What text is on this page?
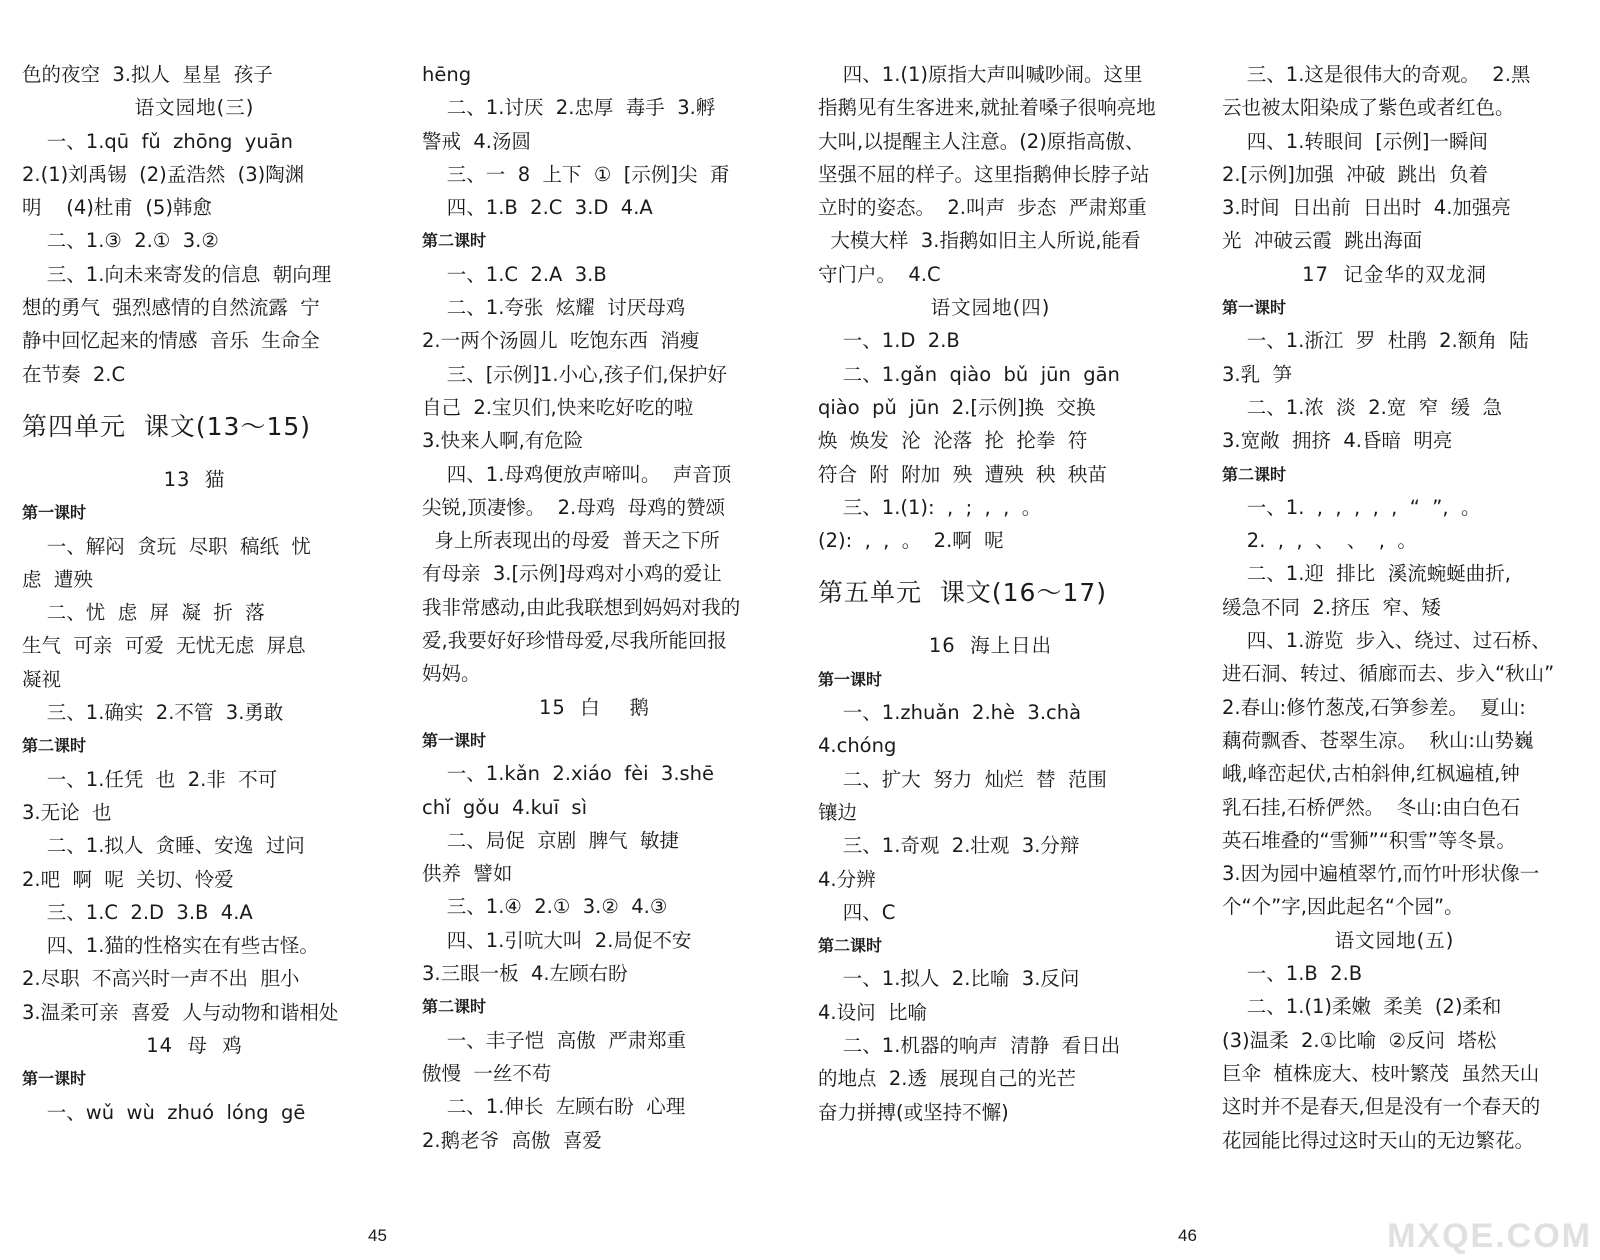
色的夜空  3.拟人  星星  孩子
语文园地(三)
一、1.qū  fǔ  zhōng  yuān
2.(1)刘禹锡  (2)孟浩然  (3)陶渊
明    (4)杜甫  (5)韩愈
二、1.③  2.①  3.②
三、1.向未来寄发的信息  朝向理
想的勇气  强烈感情的自然流露  宁
静中回忆起来的情感  音乐  生命全
在节奏  2.C
第四单元  课文(13～15)
13  猫
第一课时
一、解闷  贪玩  尽职  稿纸  忧
虑  遭殃
二、忧  虑  屏  凝  折  落
生气  可亲  可爱  无忧无虑  屏息
凝视
三、1.确实  2.不管  3.勇敢
第二课时
一、1.任凭  也  2.非  不可
3.无论  也
二、1.拟人  贪睡、安逸  过问
2.吧  啊  呢  关切、怜爱
三、1.C  2.D  3.B  4.A
四、1.猫的性格实在有些古怪。
2.尽职  不高兴时一声不出  胆小
3.温柔可亲  喜爱  人与动物和谐相处
14  母  鸡
第一课时
一、wǔ  wù  zhuó  lóng  gē
hēng
二、1.讨厌  2.忠厚  毒手  3.孵
警戒  4.汤圆
三、一  8  上下  ①  [示例]尖  甭
四、1.B  2.C  3.D  4.A
第二课时
一、1.C  2.A  3.B
二、1.夸张  炫耀  讨厌母鸡
2.一两个汤圆儿  吃饱东西  消瘦
三、[示例]1.小心,孩子们,保护好
自己  2.宝贝们,快来吃好吃的啦
3.快来人啊,有危险
四、1.母鸡便放声啼叫。  声音顶
尖锐,顶凄惨。  2.母鸡  母鸡的赞颂
身上所表现出的母爱  普天之下所
有母亲  3.[示例]母鸡对小鸡的爱让
我非常感动,由此我联想到妈妈对我的
爱,我要好好珍惜母爱,尽我所能回报
妈妈。
15  白    鹅
第一课时
一、1.kǎn  2.xiáo  fèi  3.shē
chǐ  gǒu  4.kuī  sì
二、局促  京剧  脾气  敏捷
供养  譬如
三、1.④  2.①  3.②  4.③
四、1.引吭大叫  2.局促不安
3.三眼一板  4.左顾右盼
第二课时
一、丰子恺  高傲  严肃郑重
傲慢  一丝不苟
二、1.伸长  左顾右盼  心理
2.鹅老爷  高傲  喜爱
四、1.(1)原指大声叫喊吵闹。这里
指鹅见有生客进来,就扯着嗓子很响亮地
大叫,以提醒主人注意。(2)原指高傲、
坚强不屈的样子。这里指鹅伸长脖子站
立时的姿态。  2.叫声  步态  严肃郑重
大模大样  3.指鹅如旧主人所说,能看
守门户。  4.C
语文园地(四)
一、1.D  2.B
二、1.gǎn  qiào  bǔ  jūn  gān
qiào  pǔ  jūn  2.[示例]换  交换
焕  焕发  沦  沦落  抡  抡拳  符
符合  附  附加  殃  遭殃  秧  秧苗
三、1.(1):  ,  ;  ,  ,  。
(2):  ,  ,  。  2.啊  呢
第五单元  课文(16～17)
16  海上日出
第一课时
一、1.zhuǎn  2.hè  3.chà
4.chóng
二、扩大  努力  灿烂  替  范围
镶边
三、1.奇观  2.壮观  3.分辩
4.分辨
四、C
第二课时
一、1.拟人  2.比喻  3.反问
4.设问  比喻
二、1.机器的响声  清静  看日出
的地点  2.透  展现自己的光芒
奋力拼搏(或坚持不懈)
三、1.这是很伟大的奇观。  2.黑
云也被太阳染成了紫色或者红色。
四、1.转眼间  [示例]一瞬间
2.[示例]加强  冲破  跳出  负着
3.时间  日出前  日出时  4.加强亮
光  冲破云霞  跳出海面
17  记金华的双龙洞
第一课时
一、1.浙江  罗  杜鹃  2.额角  陆
3.乳  笋
二、1.浓  淡  2.宽  窄  缓  急
3.宽敞  拥挤  4.昏暗  明亮
第二课时
一、1.  ,  ,  ,  ,  ,  “  ”,  。
2.  ,  ,  、  、  ,  。
二、1.迎  排比  溪流蜿蜒曲折,
缓急不同  2.挤压  窄、矮
四、1.游览  步入、绕过、过石桥、
进石洞、转过、循廊而去、步入“秋山”
2.春山:修竹葱茂,石笋参差。  夏山:
藕荷飘香、苍翠生凉。  秋山:山势巍
峨,峰峦起伏,古柏斜伸,红枫遍植,钟
乳石挂,石桥俨然。  冬山:由白色石
英石堆叠的“雪狮”“积雪”等冬景。
3.因为园中遍植翠竹,而竹叶形状像一
个“个”字,因此起名“个园”。
语文园地(五)
一、1.B  2.B
二、1.(1)柔嫩  柔美  (2)柔和
(3)温柔  2.①比喻  ②反问  塔松
巨伞  植株庞大、枝叶繁茂  虽然天山
这时并不是春天,但是没有一个春天的
花园能比得过这时天山的无边繁花。
45	46	MXQE.COM
